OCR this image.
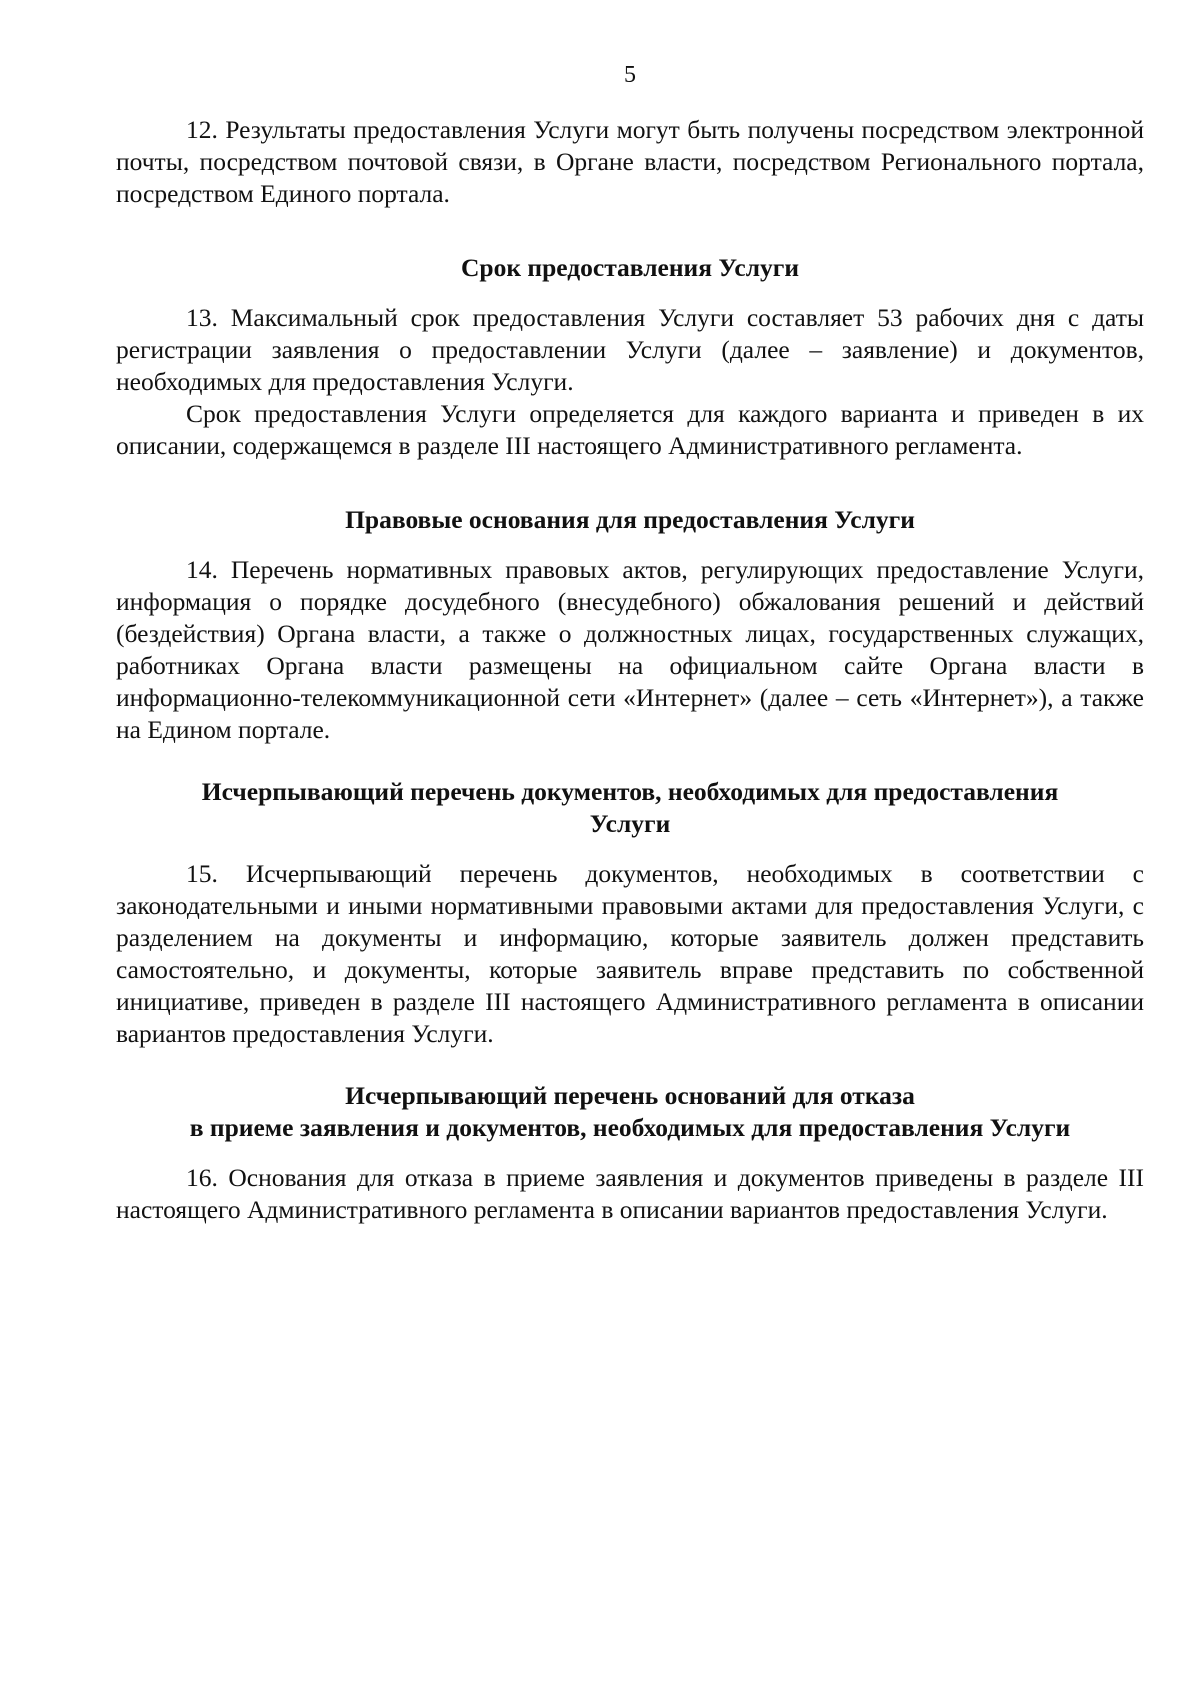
5

12. Результаты предоставления Услуги могут быть получены посредством электронной почты, посредством почтовой связи, в Органе власти, посредством Регионального портала, посредством Единого портала.

Срок предоставления Услуги

13. Максимальный срок предоставления Услуги составляет 53 рабочих дня с даты регистрации заявления о предоставлении Услуги (далее – заявление) и документов, необходимых для предоставления Услуги.

Срок предоставления Услуги определяется для каждого варианта и приведен в их описании, содержащемся в разделе III настоящего Административного регламента.

Правовые основания для предоставления Услуги

14. Перечень нормативных правовых актов, регулирующих предоставление Услуги, информация о порядке досудебного (внесудебного) обжалования решений и действий (бездействия) Органа власти, а также о должностных лицах, государственных служащих, работниках Органа власти размещены на официальном сайте Органа власти в информационно-телекоммуникационной сети «Интернет» (далее – сеть «Интернет»), а также на Едином портале.

Исчерпывающий перечень документов, необходимых для предоставления
Услуги

15. Исчерпывающий перечень документов, необходимых в соответствии с законодательными и иными нормативными правовыми актами для предоставления Услуги, с разделением на документы и информацию, которые заявитель должен представить самостоятельно, и документы, которые заявитель вправе представить по собственной инициативе, приведен в разделе III настоящего Административного регламента в описании вариантов предоставления Услуги.

Исчерпывающий перечень оснований для отказа
в приеме заявления и документов, необходимых для предоставления Услуги

16. Основания для отказа в приеме заявления и документов приведены в разделе III настоящего Административного регламента в описании вариантов предоставления Услуги.
